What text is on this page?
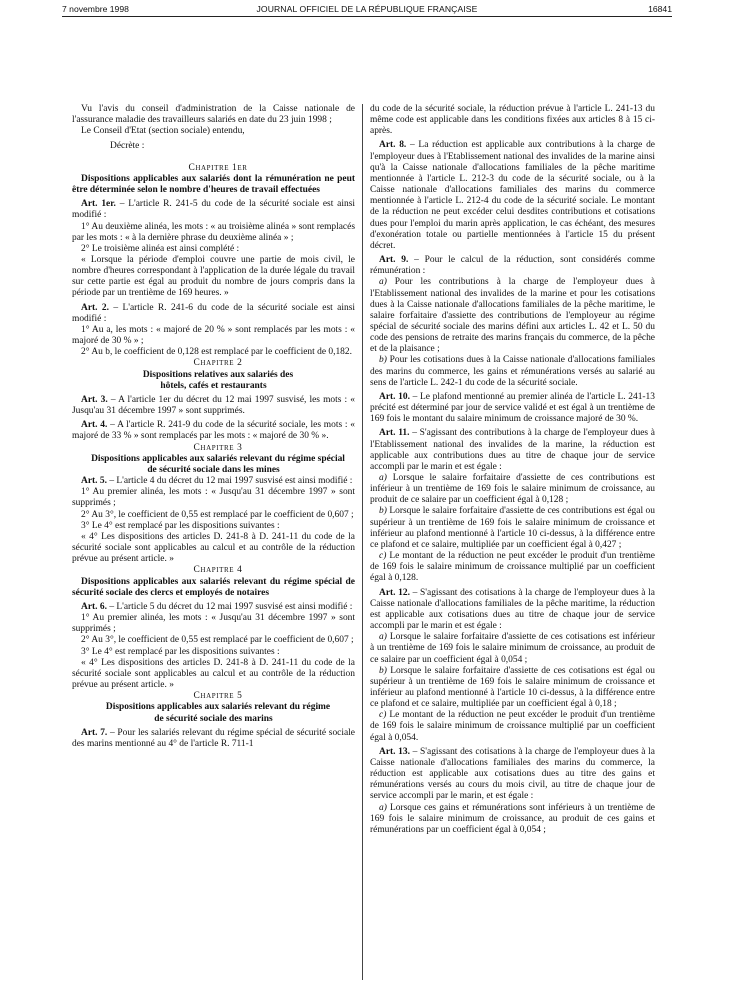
7 novembre 1998	JOURNAL OFFICIEL DE LA RÉPUBLIQUE FRANÇAISE	16841

Vu l'avis du conseil d'administration de la Caisse nationale de l'assurance maladie des travailleurs salariés en date du 23 juin 1998 ;

Le Conseil d'Etat (section sociale) entendu,

Décrète :

Chapitre 1er

Dispositions applicables aux salariés dont la rémunération ne peut être déterminée selon le nombre d'heures de travail effectuées

Art. 1er. – L'article R. 241-5 du code de la sécurité sociale est ainsi modifié :

1° Au deuxième alinéa, les mots : « au troisième alinéa » sont remplacés par les mots : « à la dernière phrase du deuxième alinéa » ;

2° Le troisième alinéa est ainsi complété :

« Lorsque la période d'emploi couvre une partie de mois civil, le nombre d'heures correspondant à l'application de la durée légale du travail sur cette partie est égal au produit du nombre de jours compris dans la période par un trentième de 169 heures. »

Art. 2. – L'article R. 241-6 du code de la sécurité sociale est ainsi modifié :

1° Au a, les mots : « majoré de 20 % » sont remplacés par les mots : « majoré de 30 % » ;

2° Au b, le coefficient de 0,128 est remplacé par le coefficient de 0,182.

Chapitre 2

Dispositions relatives aux salariés des hôtels, cafés et restaurants

Art. 3. – A l'article 1er du décret du 12 mai 1997 susvisé, les mots : « Jusqu'au 31 décembre 1997 » sont supprimés.

Art. 4. – A l'article R. 241-9 du code de la sécurité sociale, les mots : « majoré de 33 % » sont remplacés par les mots : « majoré de 30 % ».

Chapitre 3

Dispositions applicables aux salariés relevant du régime spécial de sécurité sociale dans les mines

Art. 5. – L'article 4 du décret du 12 mai 1997 susvisé est ainsi modifié :

1° Au premier alinéa, les mots : « Jusqu'au 31 décembre 1997 » sont supprimés ;

2° Au 3°, le coefficient de 0,55 est remplacé par le coefficient de 0,607 ;

3° Le 4° est remplacé par les dispositions suivantes :

« 4° Les dispositions des articles D. 241-8 à D. 241-11 du code de la sécurité sociale sont applicables au calcul et au contrôle de la réduction prévue au présent article. »

Chapitre 4

Dispositions applicables aux salariés relevant du régime spécial de sécurité sociale des clercs et employés de notaires

Art. 6. – L'article 5 du décret du 12 mai 1997 susvisé est ainsi modifié :

1° Au premier alinéa, les mots : « Jusqu'au 31 décembre 1997 » sont supprimés ;

2° Au 3°, le coefficient de 0,55 est remplacé par le coefficient de 0,607 ;

3° Le 4° est remplacé par les dispositions suivantes :

« 4° Les dispositions des articles D. 241-8 à D. 241-11 du code de la sécurité sociale sont applicables au calcul et au contrôle de la réduction prévue au présent article. »

Chapitre 5

Dispositions applicables aux salariés relevant du régime de sécurité sociale des marins

Art. 7. – Pour les salariés relevant du régime spécial de sécurité sociale des marins mentionné au 4° de l'article R. 711-1

du code de la sécurité sociale, la réduction prévue à l'article L. 241-13 du même code est applicable dans les conditions fixées aux articles 8 à 15 ci-après.

Art. 8. – La réduction est applicable aux contributions à la charge de l'employeur dues à l'Etablissement national des invalides de la marine ainsi qu'à la Caisse nationale d'allocations familiales de la pêche maritime mentionnée à l'article L. 212-3 du code de la sécurité sociale, ou à la Caisse nationale d'allocations familiales des marins du commerce mentionnée à l'article L. 212-4 du code de la sécurité sociale. Le montant de la réduction ne peut excéder celui desdites contributions et cotisations dues pour l'emploi du marin après application, le cas échéant, des mesures d'exonération totale ou partielle mentionnées à l'article 15 du présent décret.

Art. 9. – Pour le calcul de la réduction, sont considérés comme rémunération :

a) Pour les contributions à la charge de l'employeur dues à l'Etablissement national des invalides de la marine et pour les cotisations dues à la Caisse nationale d'allocations familiales de la pêche maritime, le salaire forfaitaire d'assiette des contributions de l'employeur au régime spécial de sécurité sociale des marins défini aux articles L. 42 et L. 50 du code des pensions de retraite des marins français du commerce, de la pêche et de la plaisance ;

b) Pour les cotisations dues à la Caisse nationale d'allocations familiales des marins du commerce, les gains et rémunérations versés au salarié au sens de l'article L. 242-1 du code de la sécurité sociale.

Art. 10. – Le plafond mentionné au premier alinéa de l'article L. 241-13 précité est déterminé par jour de service validé et est égal à un trentième de 169 fois le montant du salaire minimum de croissance majoré de 30 %.

Art. 11. – S'agissant des contributions à la charge de l'employeur dues à l'Etablissement national des invalides de la marine, la réduction est applicable aux contributions dues au titre de chaque jour de service accompli par le marin et est égale :

a) Lorsque le salaire forfaitaire d'assiette de ces contributions est inférieur à un trentième de 169 fois le salaire minimum de croissance, au produit de ce salaire par un coefficient égal à 0,128 ;

b) Lorsque le salaire forfaitaire d'assiette de ces contributions est égal ou supérieur à un trentième de 169 fois le salaire minimum de croissance et inférieur au plafond mentionné à l'article 10 ci-dessus, à la différence entre ce plafond et ce salaire, multipliée par un coefficient égal à 0,427 ;

c) Le montant de la réduction ne peut excéder le produit d'un trentième de 169 fois le salaire minimum de croissance multiplié par un coefficient égal à 0,128.

Art. 12. – S'agissant des cotisations à la charge de l'employeur dues à la Caisse nationale d'allocations familiales de la pêche maritime, la réduction est applicable aux cotisations dues au titre de chaque jour de service accompli par le marin et est égale :

a) Lorsque le salaire forfaitaire d'assiette de ces cotisations est inférieur à un trentième de 169 fois le salaire minimum de croissance, au produit de ce salaire par un coefficient égal à 0,054 ;

b) Lorsque le salaire forfaitaire d'assiette de ces cotisations est égal ou supérieur à un trentième de 169 fois le salaire minimum de croissance et inférieur au plafond mentionné à l'article 10 ci-dessus, à la différence entre ce plafond et ce salaire, multipliée par un coefficient égal à 0,18 ;

c) Le montant de la réduction ne peut excéder le produit d'un trentième de 169 fois le salaire minimum de croissance multiplié par un coefficient égal à 0,054.

Art. 13. – S'agissant des cotisations à la charge de l'employeur dues à la Caisse nationale d'allocations familiales des marins du commerce, la réduction est applicable aux cotisations dues au titre des gains et rémunérations versés au cours du mois civil, au titre de chaque jour de service accompli par le marin, et est égale :

a) Lorsque ces gains et rémunérations sont inférieurs à un trentième de 169 fois le salaire minimum de croissance, au produit de ces gains et rémunérations par un coefficient égal à 0,054 ;
